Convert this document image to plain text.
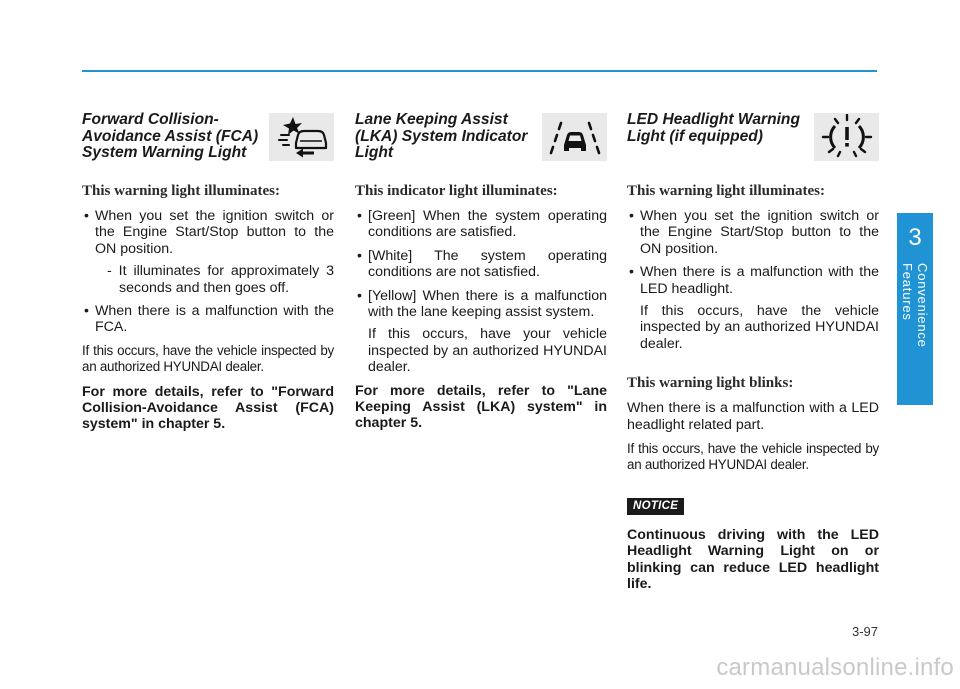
Forward Collision-Avoidance Assist (FCA) System Warning Light
This warning light illuminates:
• When you set the ignition switch or the Engine Start/Stop button to the ON position.
- It illuminates for approximately 3 seconds and then goes off.
• When there is a malfunction with the FCA.

If this occurs, have the vehicle inspected by an authorized HYUNDAI dealer.

For more details, refer to "Forward Collision-Avoidance Assist (FCA) system" in chapter 5.

Lane Keeping Assist (LKA) System Indicator Light
This indicator light illuminates:
• [Green] When the system operating conditions are satisfied.
• [White] The system operating conditions are not satisfied.
• [Yellow] When there is a malfunction with the lane keeping assist system.
If this occurs, have your vehicle inspected by an authorized HYUNDAI dealer.

For more details, refer to "Lane Keeping Assist (LKA) system" in chapter 5.

LED Headlight Warning Light (if equipped)
This warning light illuminates:
• When you set the ignition switch or the Engine Start/Stop button to the ON position.
• When there is a malfunction with the LED headlight.
If this occurs, have the vehicle inspected by an authorized HYUNDAI dealer.
This warning light blinks:

When there is a malfunction with a LED headlight related part.

If this occurs, have the vehicle inspected by an authorized HYUNDAI dealer.

NOTICE

Continuous driving with the LED Headlight Warning Light on or blinking can reduce LED headlight life.

3
Convenience Features
3-97
carmanualsonline.info
